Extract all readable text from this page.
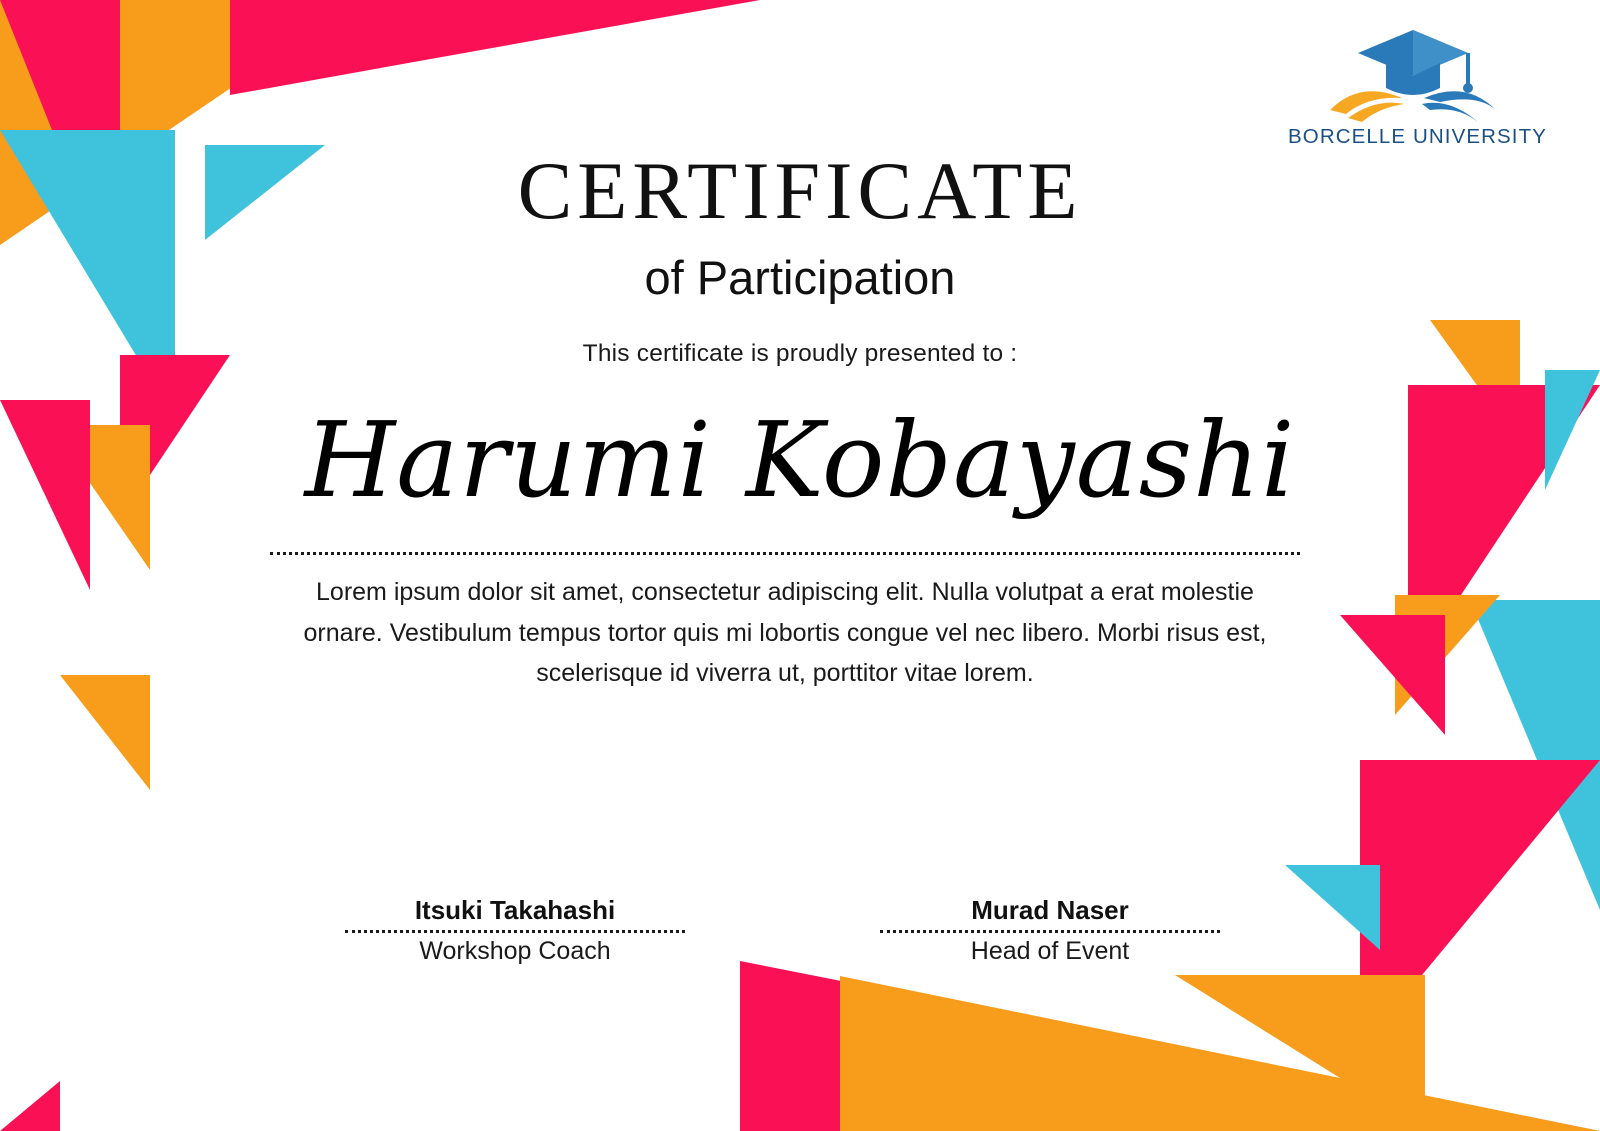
BORCELLE UNIVERSITY
CERTIFICATE
of Participation
This certificate is proudly presented to :
Harumi Kobayashi
Lorem ipsum dolor sit amet, consectetur adipiscing elit. Nulla volutpat a erat molestie ornare. Vestibulum tempus tortor quis mi lobortis congue vel nec libero. Morbi risus est, scelerisque id viverra ut, porttitor vitae lorem.
Itsuki Takahashi
Workshop Coach
Murad Naser
Head of Event
